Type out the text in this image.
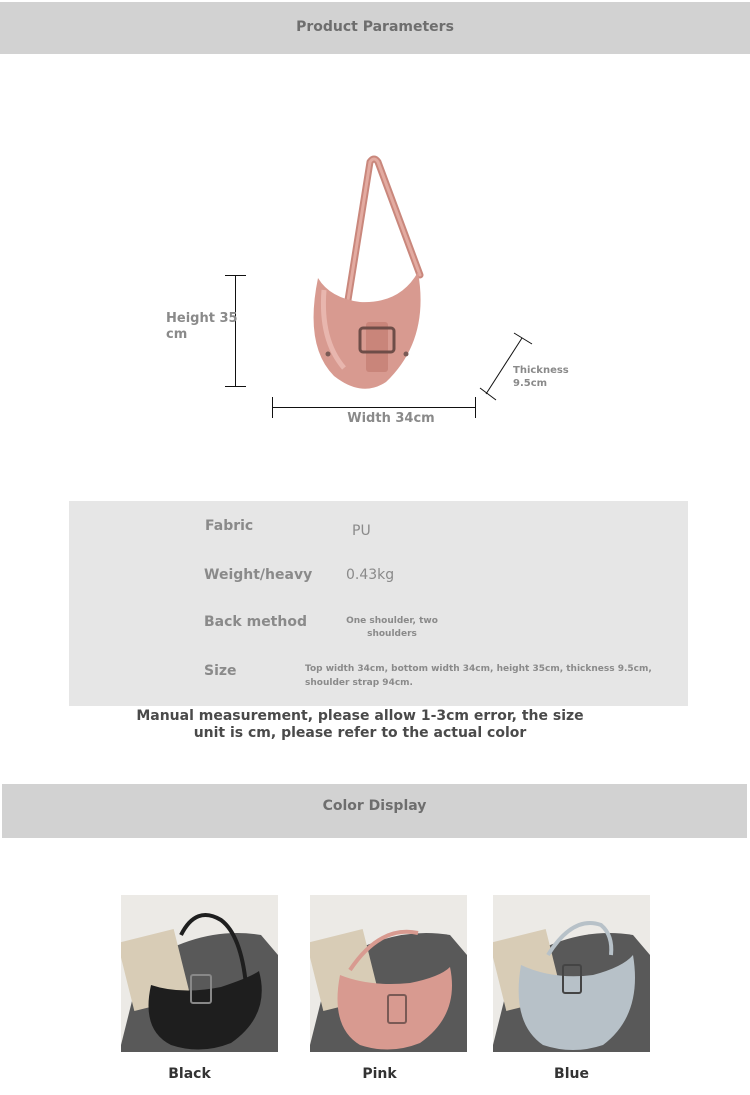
Product Parameters
Height 35 cm
Width 34cm
Thickness 9.5cm
Fabric	PU
Weight/heavy 0.43kg
Back method	One shoulder, two shoulders
Size	Top width 34cm, bottom width 34cm, height 35cm, thickness 9.5cm, shoulder strap 94cm.
Manual measurement, please allow 1-3cm error, the size unit is cm, please refer to the actual color
Color Display
Black	Pink	Blue
